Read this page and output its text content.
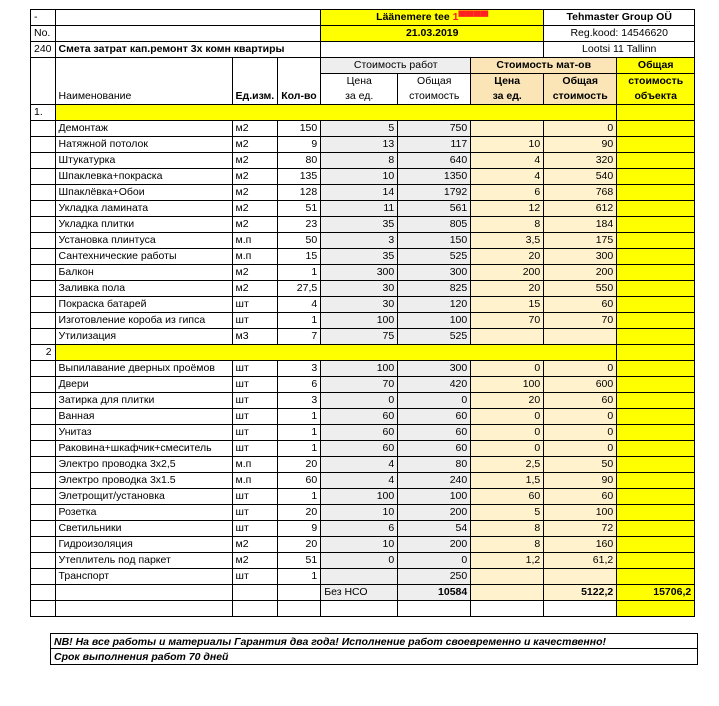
-				Läänemere tee 1▀▀▀▀			Tehmaster Group OÜ	
No.				21.03.2019			Reg.kood: 14546620	
240	Смета затрат кап.ремонт 3х комн квартиры						Lootsi 11 Tallinn	
				Стоимость работ		Стоимость мат-ов		Общая
				Цена	Общая	Цена	Общая	стоимость
	Наименование	Ед.изм.	Кол-во	за ед.	стоимость	за ед.	стоимость	объекта
1.								
	Демонтаж	м2	150	5	750		0	
	Натяжной потолок	м2	9	13	117	10	90	
	Штукатурка	м2	80	8	640	4	320	
	Шпаклевка+покраска	м2	135	10	1350	4	540	
	Шпаклёвка+Обои	м2	128	14	1792	6	768	
	Укладка ламината	м2	51	11	561	12	612	
	Укладка плитки	м2	23	35	805	8	184	
	Установка плинтуса	м.п	50	3	150	3,5	175	
	Сантехнические работы	м.п	15	35	525	20	300	
	Балкон	м2	1	300	300	200	200	
	Заливка пола	м2	27,5	30	825	20	550	
	Покраска батарей	шт	4	30	120	15	60	
	Изготовление короба из гипса	шт	1	100	100	70	70	
	Утилизация	м3	7	75	525			
2								
	Выпилавание дверных проёмов	шт	3	100	300	0	0	
	Двери	шт	6	70	420	100	600	
	Затирка для плитки	шт	3	0	0	20	60	
	Ванная	шт	1	60	60	0	0	
	Унитаз	шт	1	60	60	0	0	
	Раковина+шкафчик+смеситель	шт	1	60	60	0	0	
	Электро проводка 3х2,5	м.п	20	4	80	2,5	50	
	Электро проводка 3х1.5	м.п	60	4	240	1,5	90	
	Элетрощит/установка	шт	1	100	100	60	60	
	Розетка	шт	20	10	200	5	100	
	Светильники	шт	9	6	54	8	72	
	Гидроизоляция	м2	20	10	200	8	160	
	Утеплитель под паркет	м2	51	0	0	1,2	61,2	
	Транспорт	шт	1		250			
				Без НСО	10584		5122,2	15706,2

NB! На все работы и материалы Гарантия два года! Исполнение работ своевременно и качественно!
Срок выполнения работ 70 дней
